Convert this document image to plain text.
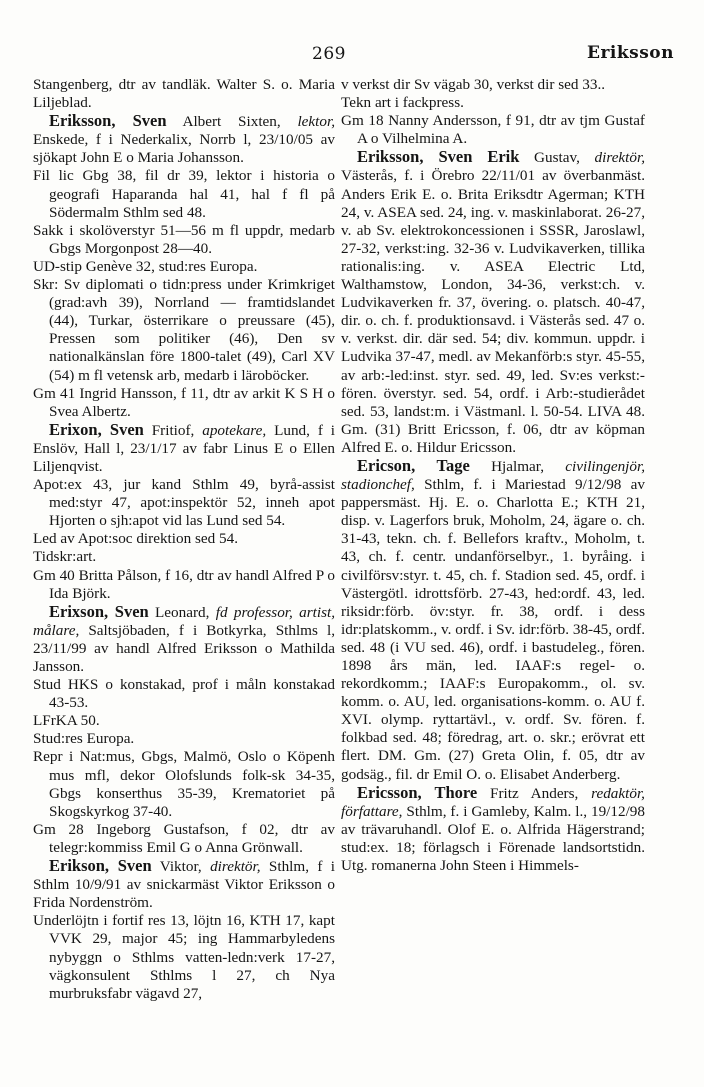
269	Eriksson

Stangenberg, dtr av tandläk. Walter S. o. Maria Liljeblad.

Eriksson, Sven Albert Sixten, lektor, Enskede, f i Nederkalix, Norrb l, 23/10/05 av sjökapt John E o Maria Johansson.

Fil lic Gbg 38, fil dr 39, lektor i historia o geografi Haparanda hal 41, hal f fl på Södermalm Sthlm sed 48.

Sakk i skolöverstyr 51—56 m fl uppdr, medarb Gbgs Morgonpost 28—40.

UD-stip Genève 32, stud:res Europa.

Skr: Sv diplomati o tidn:press under Krimkriget (grad:avh 39), Norrland — framtidslandet (44), Turkar, österrikare o preussare (45), Pressen som politiker (46), Den sv nationalkänslan före 1800-talet (49), Carl XV (54) m fl vetensk arb, medarb i läroböcker.

Gm 41 Ingrid Hansson, f 11, dtr av arkit K S H o Svea Albertz.

Erixon, Sven Fritiof, apotekare, Lund, f i Enslöv, Hall l, 23/1/17 av fabr Linus E o Ellen Liljenqvist.

Apot:ex 43, jur kand Sthlm 49, byrå-assist med:styr 47, apot:inspektör 52, inneh apot Hjorten o sjh:apot vid las Lund sed 54.

Led av Apot:soc direktion sed 54.

Tidskr:art.

Gm 40 Britta Pålson, f 16, dtr av handl Alfred P o Ida Björk.

Erixson, Sven Leonard, fd professor, artist, målare, Saltsjöbaden, f i Botkyrka, Sthlms l, 23/11/99 av handl Alfred Eriksson o Mathilda Jansson.

Stud HKS o konstakad, prof i måln konstakad 43-53.

LFrKA 50.

Stud:res Europa.

Repr i Nat:mus, Gbgs, Malmö, Oslo o Köpenh mus mfl, dekor Olofslunds folk-sk 34-35, Gbgs konserthus 35-39, Krematoriet på Skogskyrkog 37-40.

Gm 28 Ingeborg Gustafson, f 02, dtr av telegr:kommiss Emil G o Anna Grönwall.

Erikson, Sven Viktor, direktör, Sthlm, f i Sthlm 10/9/91 av snickarmäst Viktor Eriksson o Frida Nordenström.

Underlöjtn i fortif res 13, löjtn 16, KTH 17, kapt VVK 29, major 45; ing Hammarbyledens nybyggn o Sthlms vatten-ledn:verk 17-27, vägkonsulent Sthlms l 27, ch Nya murbruksfabr vägavd 27,

v verkst dir Sv vägab 30, verkst dir sed 33..

Tekn art i fackpress.

Gm 18 Nanny Andersson, f 91, dtr av tjm Gustaf A o Vilhelmina A.

Eriksson, Sven Erik Gustav, direktör, Västerås, f. i Örebro 22/11/01 av överbanmäst. Anders Erik E. o. Brita Eriksdtr Agerman; KTH 24, v. ASEA sed. 24, ing. v. maskinlaborat. 26-27, v. ab Sv. elektrokoncessionen i SSSR, Jaroslawl, 27-32, verkst:ing. 32-36 v. Ludvikaverken, tillika rationalis:ing. v. ASEA Electric Ltd, Walthamstow, London, 34-36, verkst:ch. v. Ludvikaverken fr. 37, övering. o. platsch. 40-47, dir. o. ch. f. produktionsavd. i Västerås sed. 47 o. v. verkst. dir. där sed. 54; div. kommun. uppdr. i Ludvika 37-47, medl. av Mekanförb:s styr. 45-55, av arb:-led:inst. styr. sed. 49, led. Sv:es verkst:-fören. överstyr. sed. 54, ordf. i Arb:-studierådet sed. 53, landst:m. i Västmanl. l. 50-54. LIVA 48. Gm. (31) Britt Ericsson, f. 06, dtr av köpman Alfred E. o. Hildur Ericsson.

Ericson, Tage Hjalmar, civilingenjör, stadionchef, Sthlm, f. i Mariestad 9/12/98 av pappersmäst. Hj. E. o. Charlotta E.; KTH 21, disp. v. Lagerfors bruk, Moholm, 24, ägare o. ch. 31-43, tekn. ch. f. Bellefors kraftv., Moholm, t. 43, ch. f. centr. undanförselbyr., 1. byråing. i civilförsv:styr. t. 45, ch. f. Stadion sed. 45, ordf. i Västergötl. idrottsförb. 27-43, hed:ordf. 43, led. riksidr:förb. öv:styr. fr. 38, ordf. i dess idr:platskomm., v. ordf. i Sv. idr:förb. 38-45, ordf. sed. 48 (i VU sed. 46), ordf. i bastudeleg., fören. 1898 års män, led. IAAF:s regel- o. rekordkomm.; IAAF:s Europakomm., ol. sv. komm. o. AU, led. organisations-komm. o. AU f. XVI. olymp. ryttartävl., v. ordf. Sv. fören. f. folkbad sed. 48; föredrag, art. o. skr.; erövrat ett flert. DM. Gm. (27) Greta Olin, f. 05, dtr av godsäg., fil. dr Emil O. o. Elisabet Anderberg.

Ericsson, Thore Fritz Anders, redaktör, författare, Sthlm, f. i Gamleby, Kalm. l., 19/12/98 av trävaruhandl. Olof E. o. Alfrida Hägerstrand; stud:ex. 18; förlagsch i Förenade landsortstidn. Utg. romanerna John Steen i Himmels-
